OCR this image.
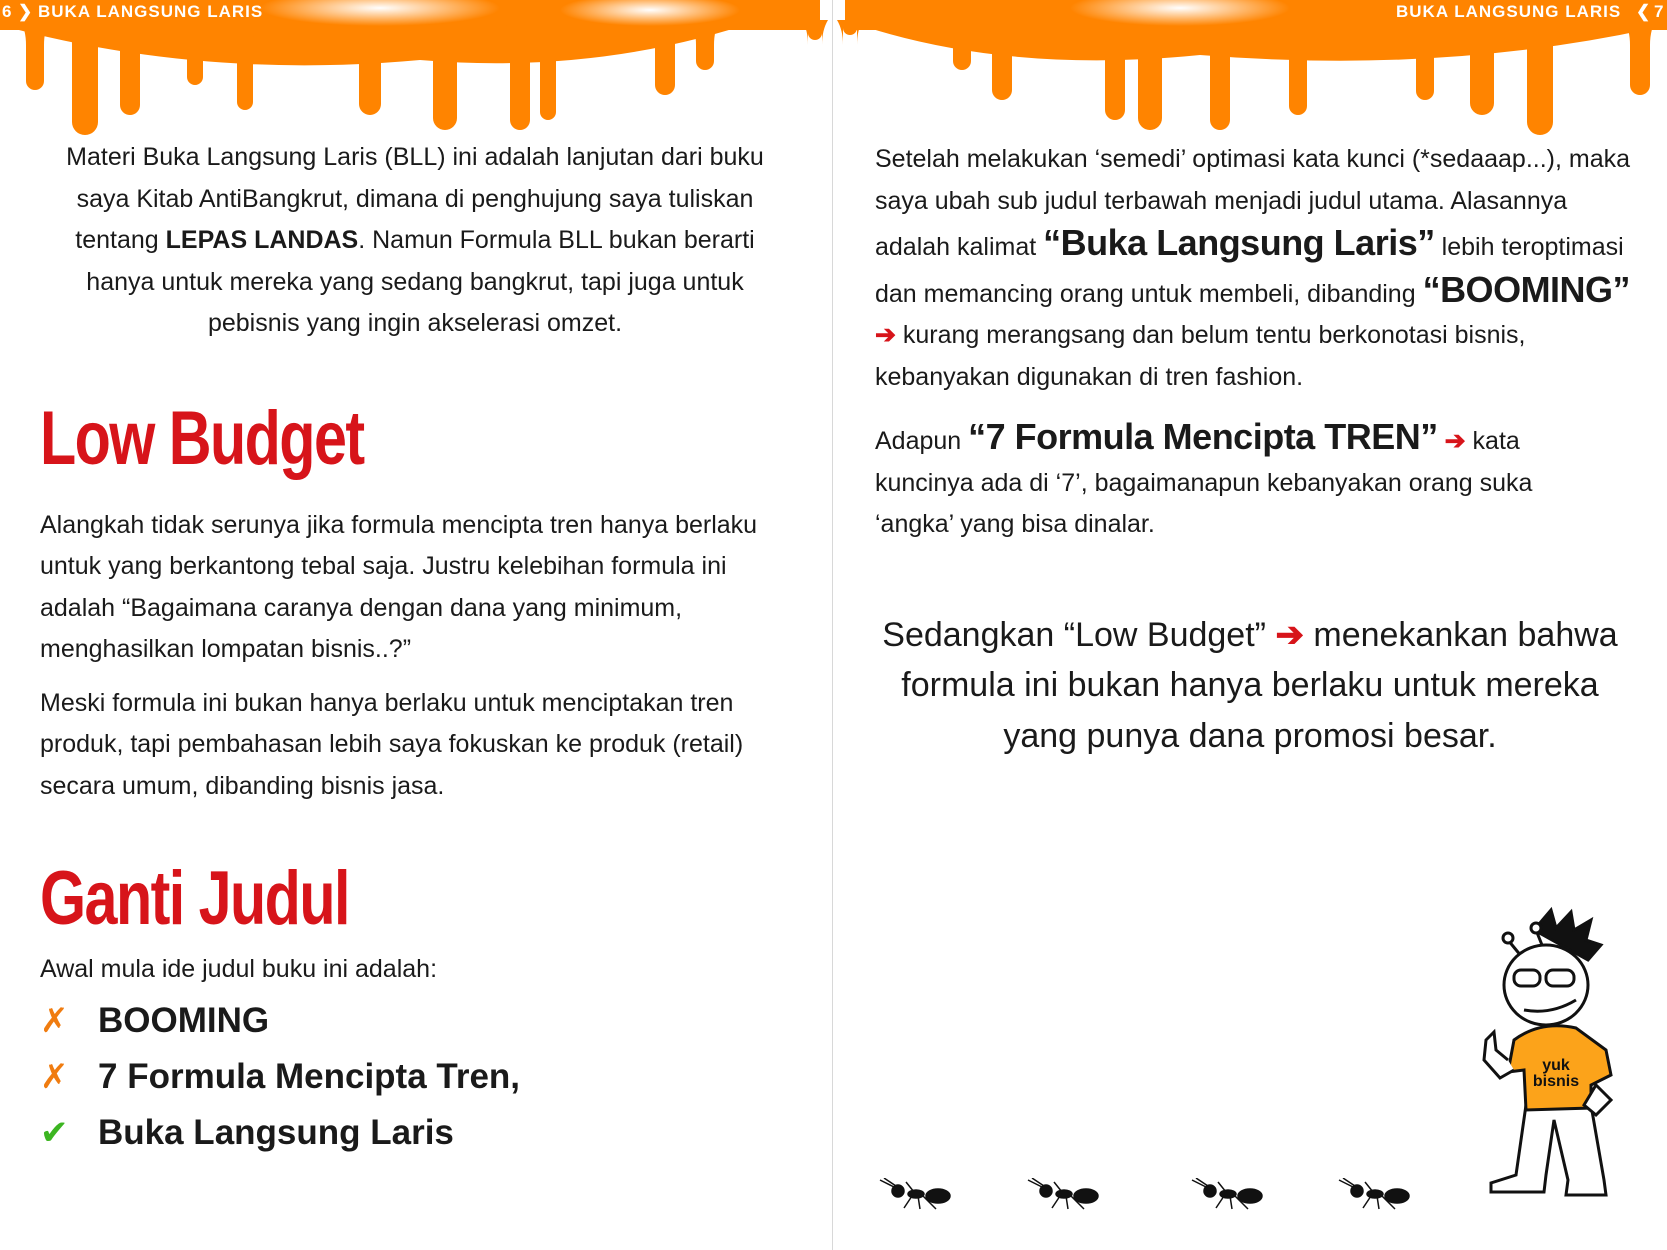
6 ❯ BUKA LANGSUNG LARIS	BUKA LANGSUNG LARIS ❮ 7
Materi Buka Langsung Laris (BLL) ini adalah lanjutan dari buku saya Kitab AntiBangkrut, dimana di penghujung saya tuliskan tentang LEPAS LANDAS. Namun Formula BLL bukan berarti hanya untuk mereka yang sedang bangkrut, tapi juga untuk pebisnis yang ingin akselerasi omzet.
Low Budget
Alangkah tidak serunya jika formula mencipta tren hanya berlaku untuk yang berkantong tebal saja. Justru kelebihan formula ini adalah “Bagaimana caranya dengan dana yang minimum, menghasilkan lompatan bisnis..?”
Meski formula ini bukan hanya berlaku untuk menciptakan tren produk, tapi pembahasan lebih saya fokuskan ke produk (retail) secara umum, dibanding bisnis jasa.
Ganti Judul
Awal mula ide judul buku ini adalah:
✗ BOOMING
✗ 7 Formula Mencipta Tren,
✔ Buka Langsung Laris
Setelah melakukan ‘semedi’ optimasi kata kunci (*sedaaap...), maka saya ubah sub judul terbawah menjadi judul utama. Alasannya adalah kalimat “Buka Langsung Laris” lebih teroptimasi dan memancing orang untuk membeli, dibanding “BOOMING” ➔ kurang merangsang dan belum tentu berkonotasi bisnis, kebanyakan digunakan di tren fashion.
Adapun “7 Formula Mencipta TREN” ➔ kata kuncinya ada di ‘7’, bagaimanapun kebanyakan orang suka ‘angka’ yang bisa dinalar.
Sedangkan “Low Budget” ➔ menekankan bahwa formula ini bukan hanya berlaku untuk mereka yang punya dana promosi besar.
yuk
bisnis
